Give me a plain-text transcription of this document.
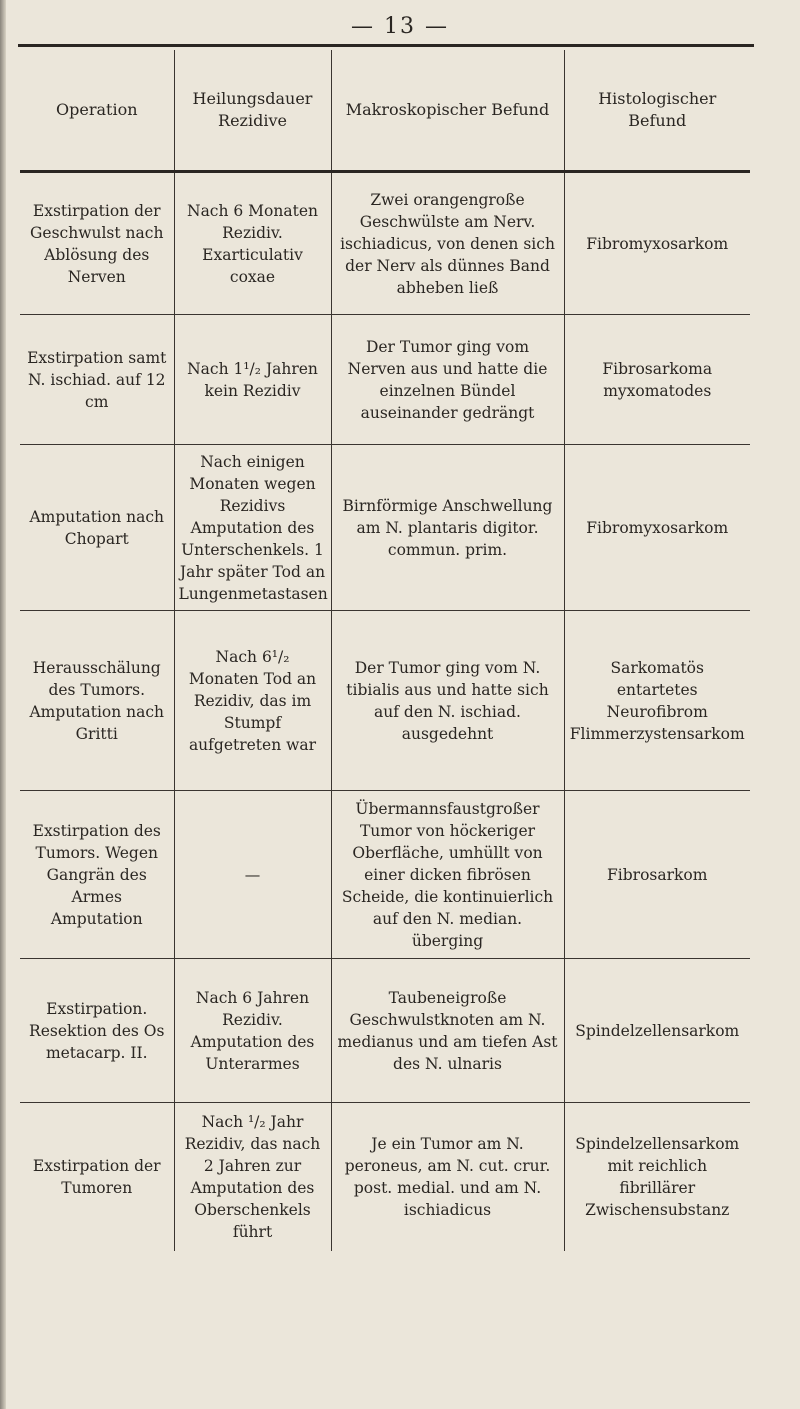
— 13 —
Operation	Heilungsdauer Rezidive	Makroskopischer Befund	Histologischer Befund
Exstirpation der Geschwulst nach Ablösung des Nerven	Nach 6 Monaten Rezidiv. Exarticulativ coxae	Zwei orangengroße Geschwülste am Nerv. ischiadicus, von denen sich der Nerv als dünnes Band abheben ließ	Fibromyxosarkom
Exstirpation samt N. ischiad. auf 12 cm	Nach 1¹/₂ Jahren kein Rezidiv	Der Tumor ging vom Nerven aus und hatte die einzelnen Bündel auseinander gedrängt	Fibrosarkoma myxomatodes
Amputation nach Chopart	Nach einigen Monaten wegen Rezidivs Amputation des Unterschenkels. 1 Jahr später Tod an Lungenmetastasen	Birnförmige Anschwellung am N. plantaris digitor. commun. prim.	Fibromyxosarkom
Herausschälung des Tumors. Amputation nach Gritti	Nach 6¹/₂ Monaten Tod an Rezidiv, das im Stumpf aufgetreten war	Der Tumor ging vom N. tibialis aus und hatte sich auf den N. ischiad. ausgedehnt	Sarkomatös entartetes Neurofibrom Flimmerzystensarkom
Exstirpation des Tumors. Wegen Gangrän des Armes Amputation	—	Übermannsfaustgroßer Tumor von höckeriger Oberfläche, umhüllt von einer dicken fibrösen Scheide, die kontinuierlich auf den N. median. überging	Fibrosarkom
Exstirpation. Resektion des Os metacarp. II.	Nach 6 Jahren Rezidiv. Amputation des Unterarmes	Taubeneigroße Geschwulstknoten am N. medianus und am tiefen Ast des N. ulnaris	Spindelzellensarkom
Exstirpation der Tumoren	Nach ¹/₂ Jahr Rezidiv, das nach 2 Jahren zur Amputation des Oberschenkels führt	Je ein Tumor am N. peroneus, am N. cut. crur. post. medial. und am N. ischiadicus	Spindelzellensarkom mit reichlich fibrillärer Zwischensubstanz
